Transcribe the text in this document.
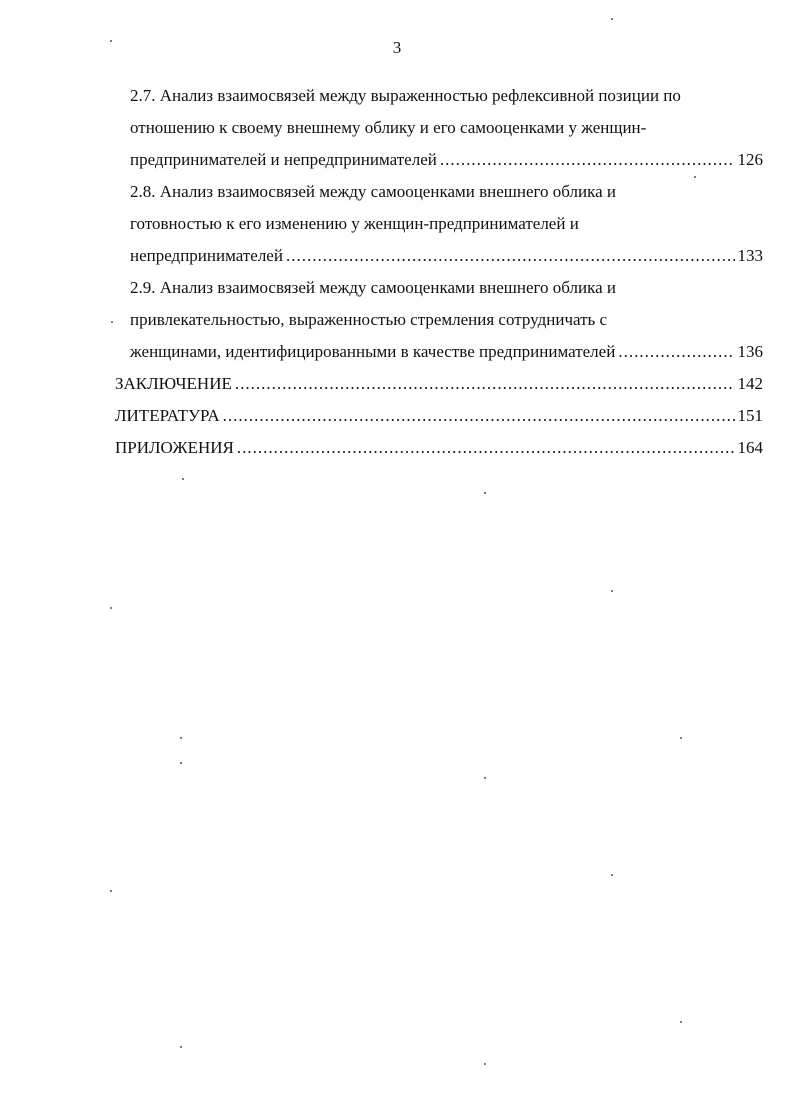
3
2.7. Анализ взаимосвязей между выраженностью рефлексивной позиции по
отношению к своему внешнему облику и его самооценками у женщин-
предпринимателей и непредпринимателей .....	126
2.8. Анализ взаимосвязей между самооценками внешнего облика и
готовностью к его изменению у женщин-предпринимателей и
непредпринимателей .....	133
2.9. Анализ взаимосвязей между самооценками внешнего облика и
привлекательностью, выраженностью стремления сотрудничать с
женщинами, идентифицированными в качестве предпринимателей .....	136
ЗАКЛЮЧЕНИЕ .....	142
ЛИТЕРАТУРА .....	151
ПРИЛОЖЕНИЯ .....	164
